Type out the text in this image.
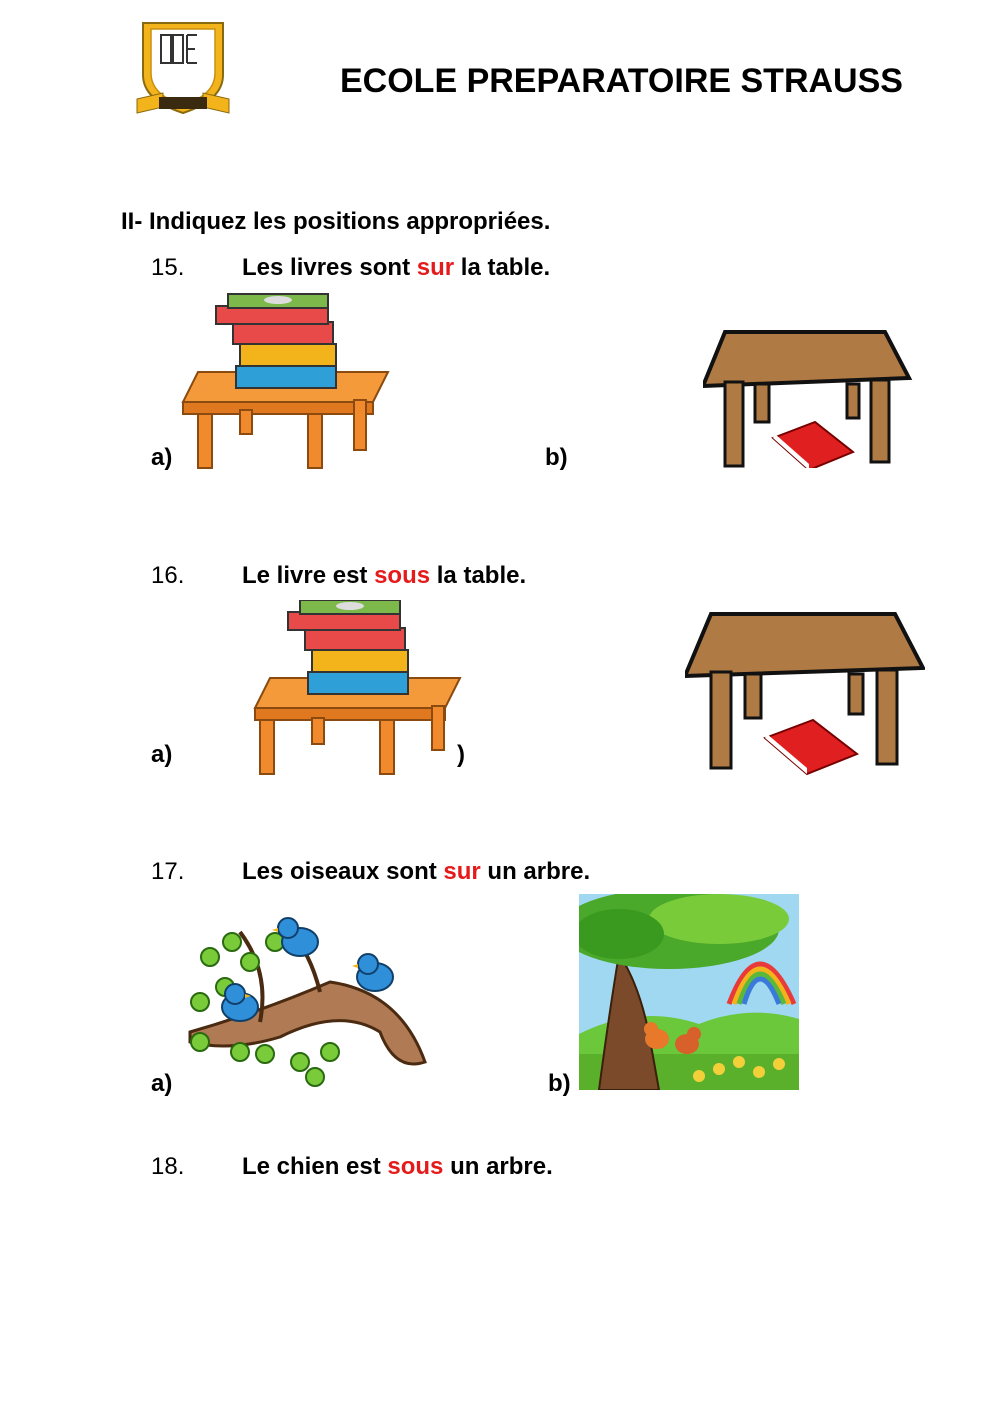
ECOLE PREPARATOIRE STRAUSS
II- Indiquez les positions appropriées.
15. Les livres sont sur la table.
a)	b)
16. Le livre est sous la table.
a)	)
17. Les oiseaux sont sur un arbre.
a)	b)
18. Le chien est sous un arbre.
